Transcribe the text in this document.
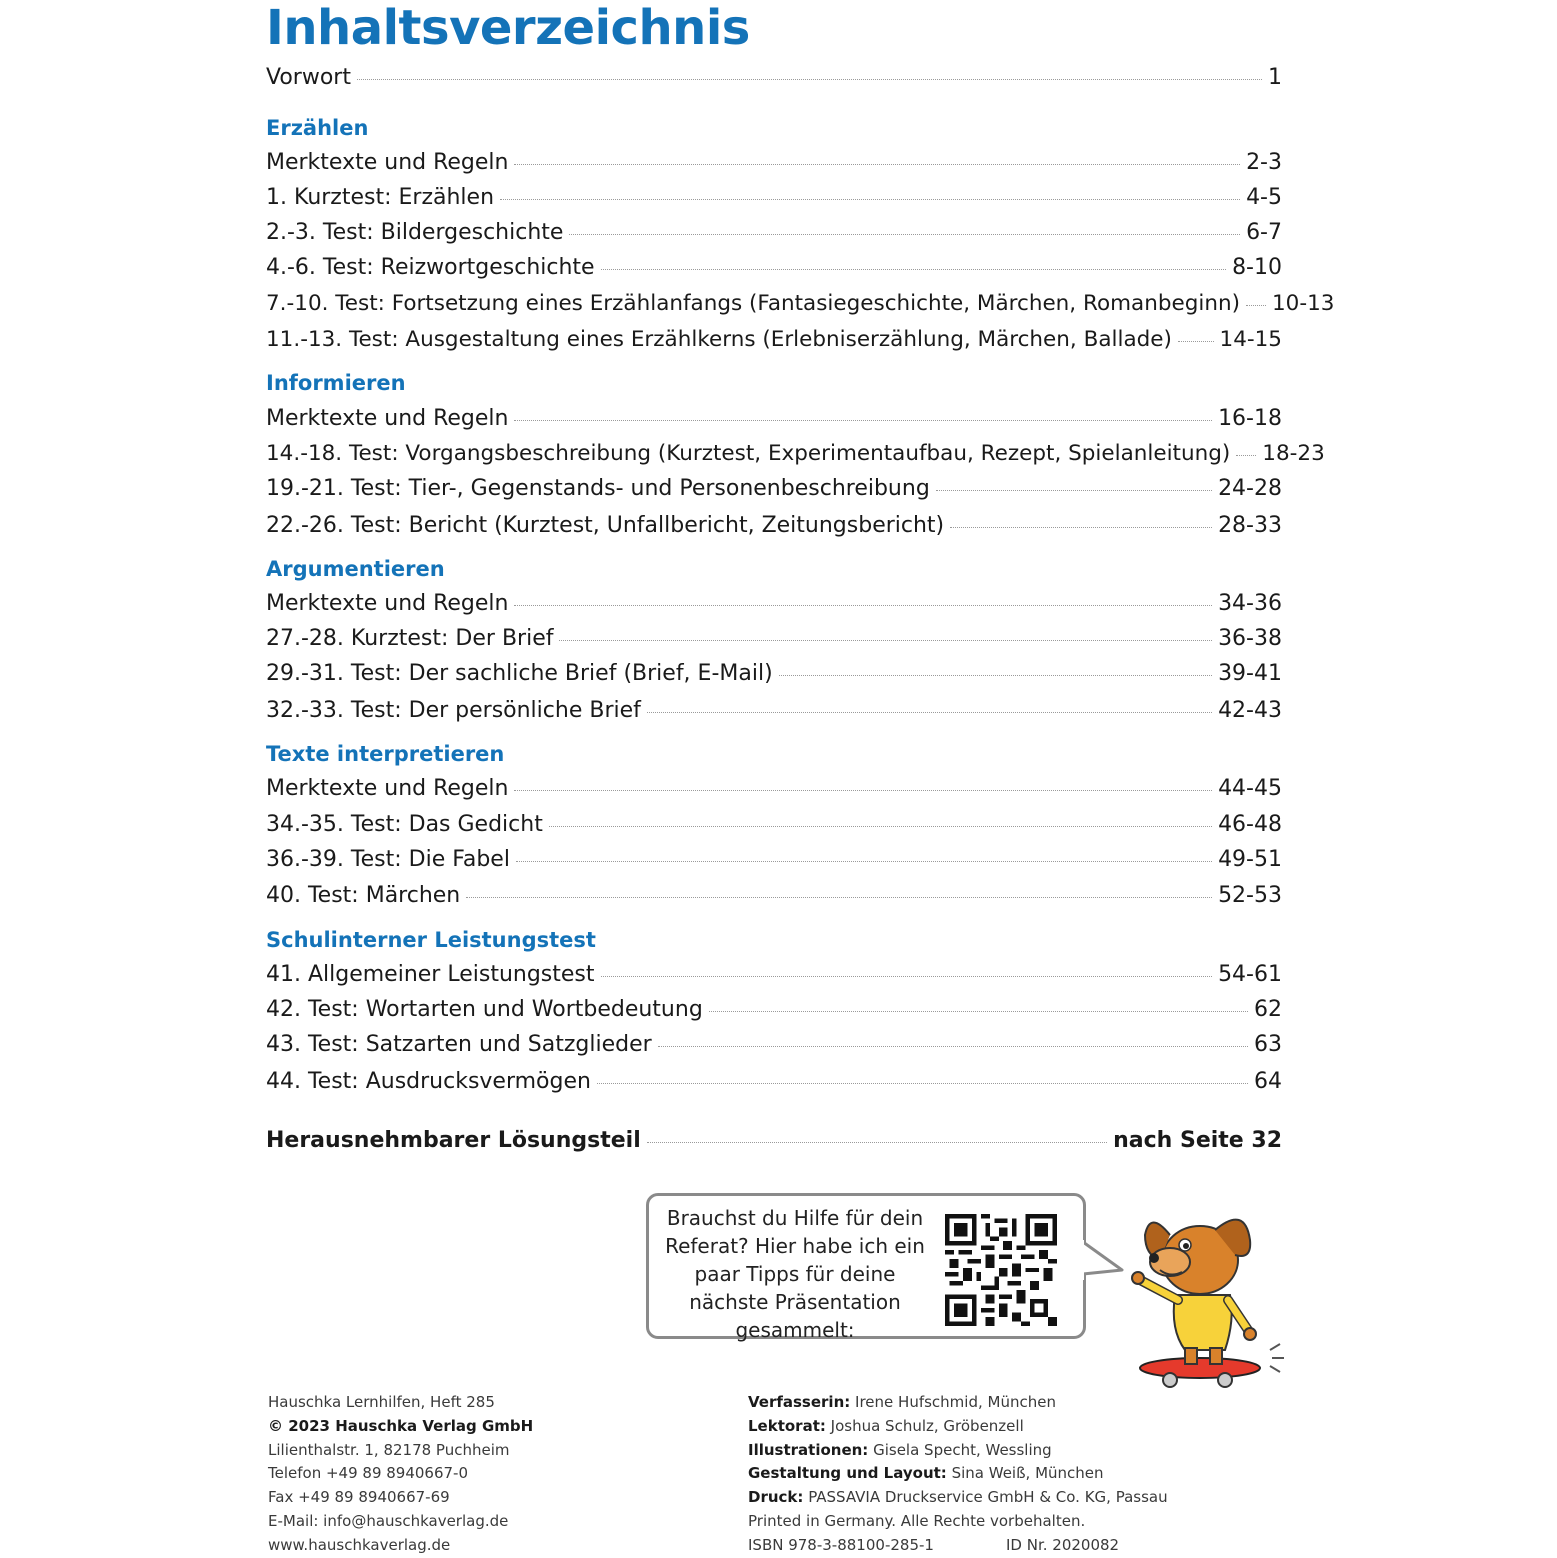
Inhaltsverzeichnis
Vorwort	1
Erzählen
Merktexte und Regeln	2-3
1. Kurztest: Erzählen	4-5
2.-3. Test: Bildergeschichte	6-7
4.-6. Test: Reizwortgeschichte	8-10
7.-10. Test: Fortsetzung eines Erzählanfangs (Fantasiegeschichte, Märchen, Romanbeginn) 10-13
11.-13. Test: Ausgestaltung eines Erzählkerns (Erlebniserzählung, Märchen, Ballade) 14-15
Informieren
Merktexte und Regeln	16-18
14.-18. Test: Vorgangsbeschreibung (Kurztest, Experimentaufbau, Rezept, Spielanleitung) 18-23
19.-21. Test: Tier-, Gegenstands- und Personenbeschreibung	24-28
22.-26. Test: Bericht (Kurztest, Unfallbericht, Zeitungsbericht)	28-33
Argumentieren
Merktexte und Regeln	34-36
27.-28. Kurztest: Der Brief	36-38
29.-31. Test: Der sachliche Brief (Brief, E-Mail)	39-41
32.-33. Test: Der persönliche Brief	42-43
Texte interpretieren
Merktexte und Regeln	44-45
34.-35. Test: Das Gedicht	46-48
36.-39. Test: Die Fabel	49-51
40. Test: Märchen	52-53
Schulinterner Leistungstest
41. Allgemeiner Leistungstest	54-61
42. Test: Wortarten und Wortbedeutung	62
43. Test: Satzarten und Satzglieder	63
44. Test: Ausdrucksvermögen	64
Herausnehmbarer Lösungsteil	nach Seite 32
Brauchst du Hilfe für dein Referat? Hier habe ich ein paar Tipps für deine nächste Präsentation gesammelt:
Hauschka Lernhilfen, Heft 285
© 2023 Hauschka Verlag GmbH
Lilienthalstr. 1, 82178 Puchheim
Telefon +49 89 8940667-0
Fax +49 89 8940667-69
E-Mail: info@hauschkaverlag.de
www.hauschkaverlag.de
Verfasserin: Irene Hufschmid, München
Lektorat: Joshua Schulz, Gröbenzell
Illustrationen: Gisela Specht, Wessling
Gestaltung und Layout: Sina Weiß, München
Druck: PASSAVIA Druckservice GmbH & Co. KG, Passau
Printed in Germany. Alle Rechte vorbehalten.
ISBN 978-3-88100-285-1	ID Nr. 2020082
